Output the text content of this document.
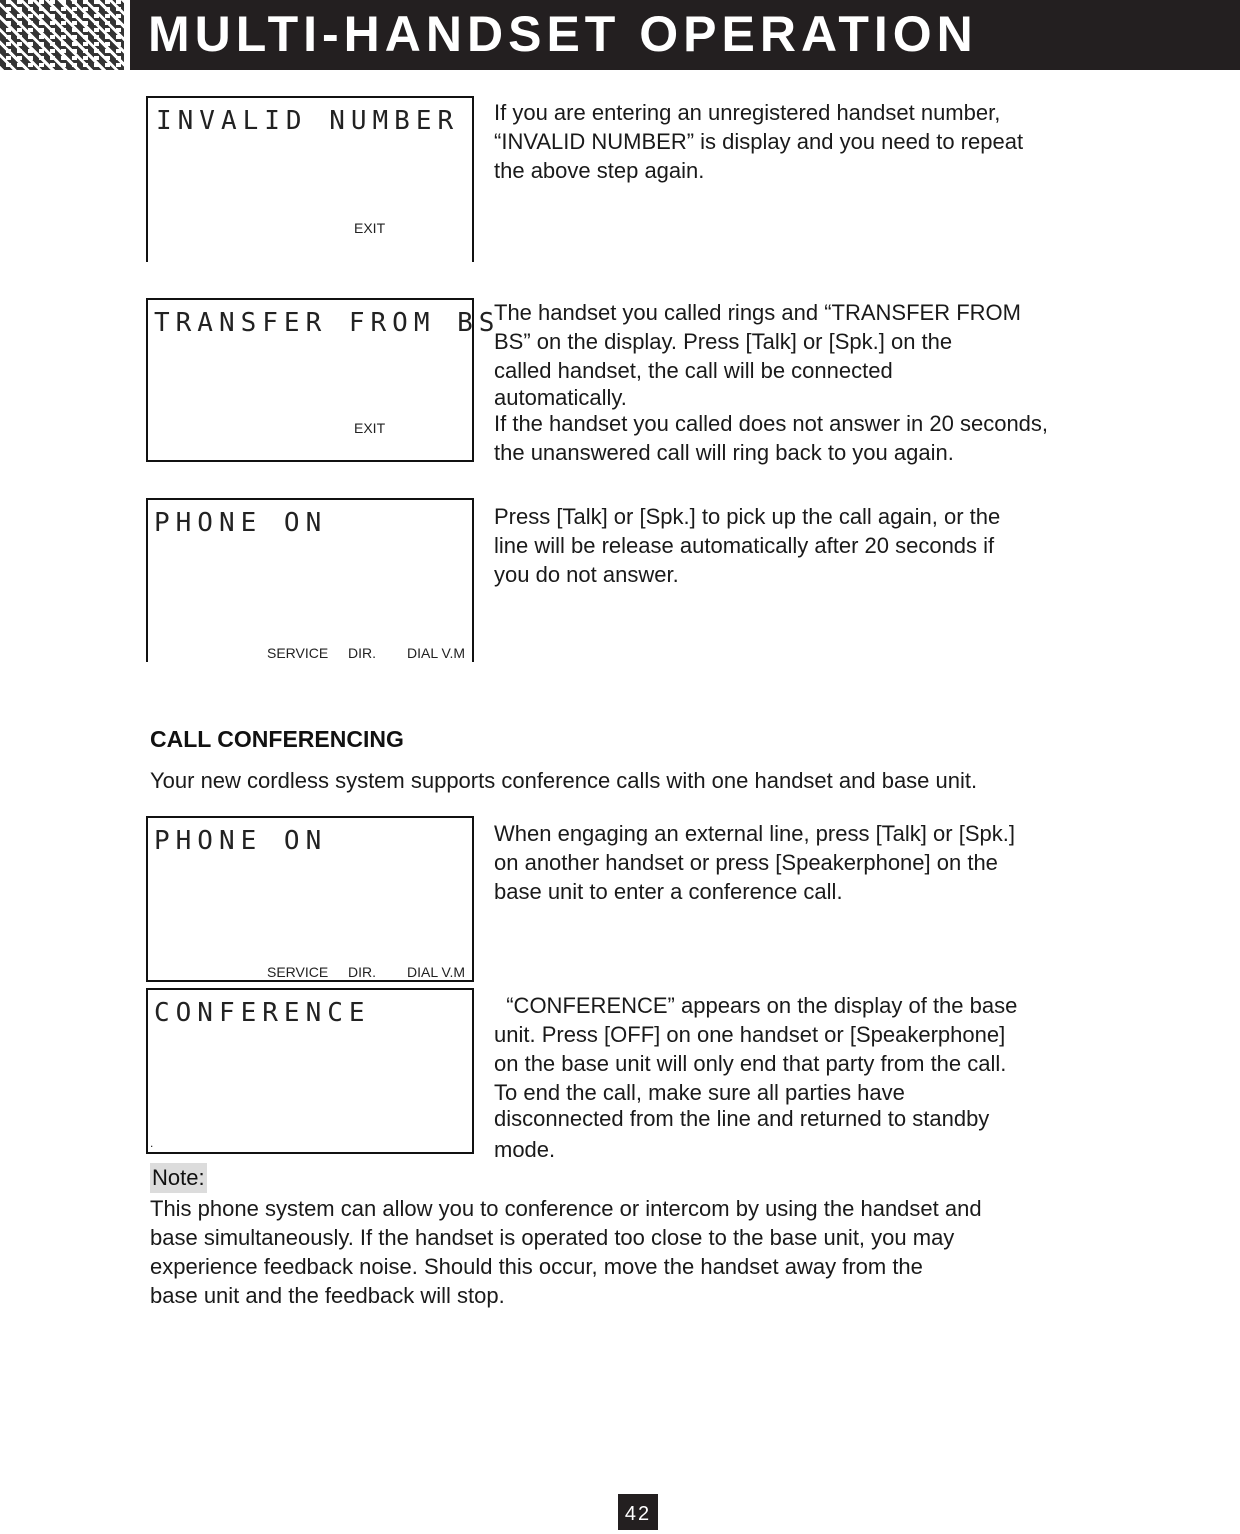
MULTI-HANDSET OPERATION
INVALID NUMBER
EXIT
If you are entering an unregistered handset number,
“INVALID NUMBER” is display and you need to repeat
the above step again.
TRANSFER FROM BS
EXIT
The handset you called rings and “TRANSFER FROM
BS” on the display. Press [Talk] or [Spk.] on the
called handset, the call will be connected
automatically.
If the handset you called does not answer in 20 seconds,
the unanswered call will ring back to you again.
PHONE ON
SERVICE DIR. DIAL V.M
Press [Talk] or [Spk.] to pick up the call again, or the
line will be release automatically after 20 seconds if
you do not answer.
CALL CONFERENCING
Your new cordless system supports conference calls with one handset and base unit.
PHONE ON
SERVICE DIR. DIAL V.M
When engaging an external line, press [Talk] or [Spk.]
on another handset or press [Speakerphone] on the
base unit to enter a conference call.
CONFERENCE
.
“CONFERENCE” appears on the display of the base
unit. Press [OFF] on one handset or [Speakerphone]
on the base unit will only end that party from the call.
To end the call, make sure all parties have
disconnected from the line and returned to standby
mode.
Note:
This phone system can allow you to conference or intercom by using the handset and
base simultaneously. If the handset is operated too close to the base unit, you may
experience feedback noise. Should this occur, move the handset away from the
base unit and the feedback will stop.
42
